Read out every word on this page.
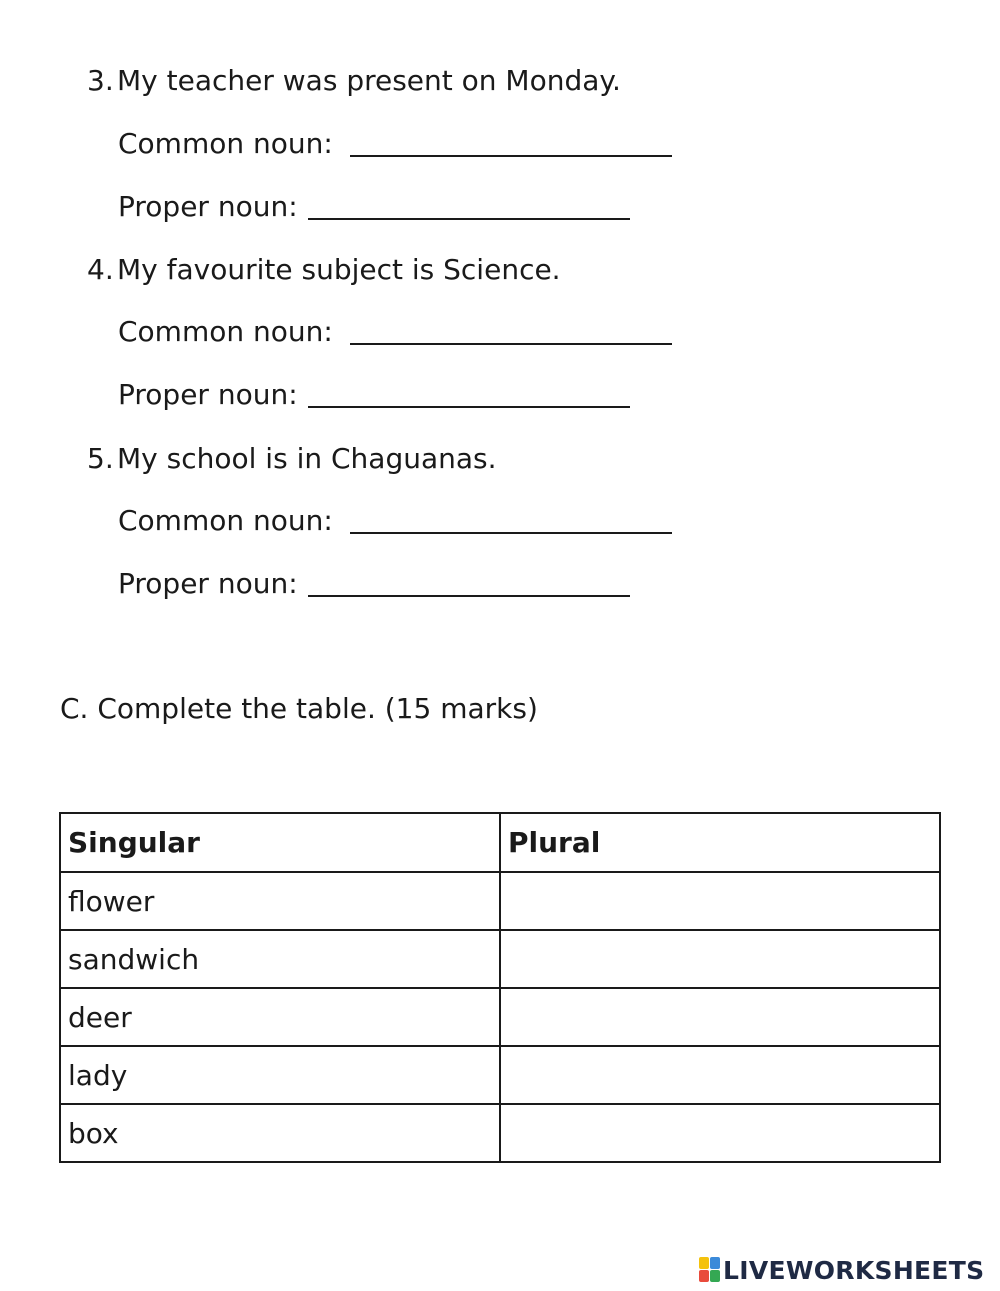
3. My teacher was present on Monday.
Common noun:
Proper noun:
4. My favourite subject is Science.
Common noun:
Proper noun:
5. My school is in Chaguanas.
Common noun:
Proper noun:
C. Complete the table. (15 marks)
Singular	Plural
flower	
sandwich	
deer	
lady	
box	
LIVEWORKSHEETS
